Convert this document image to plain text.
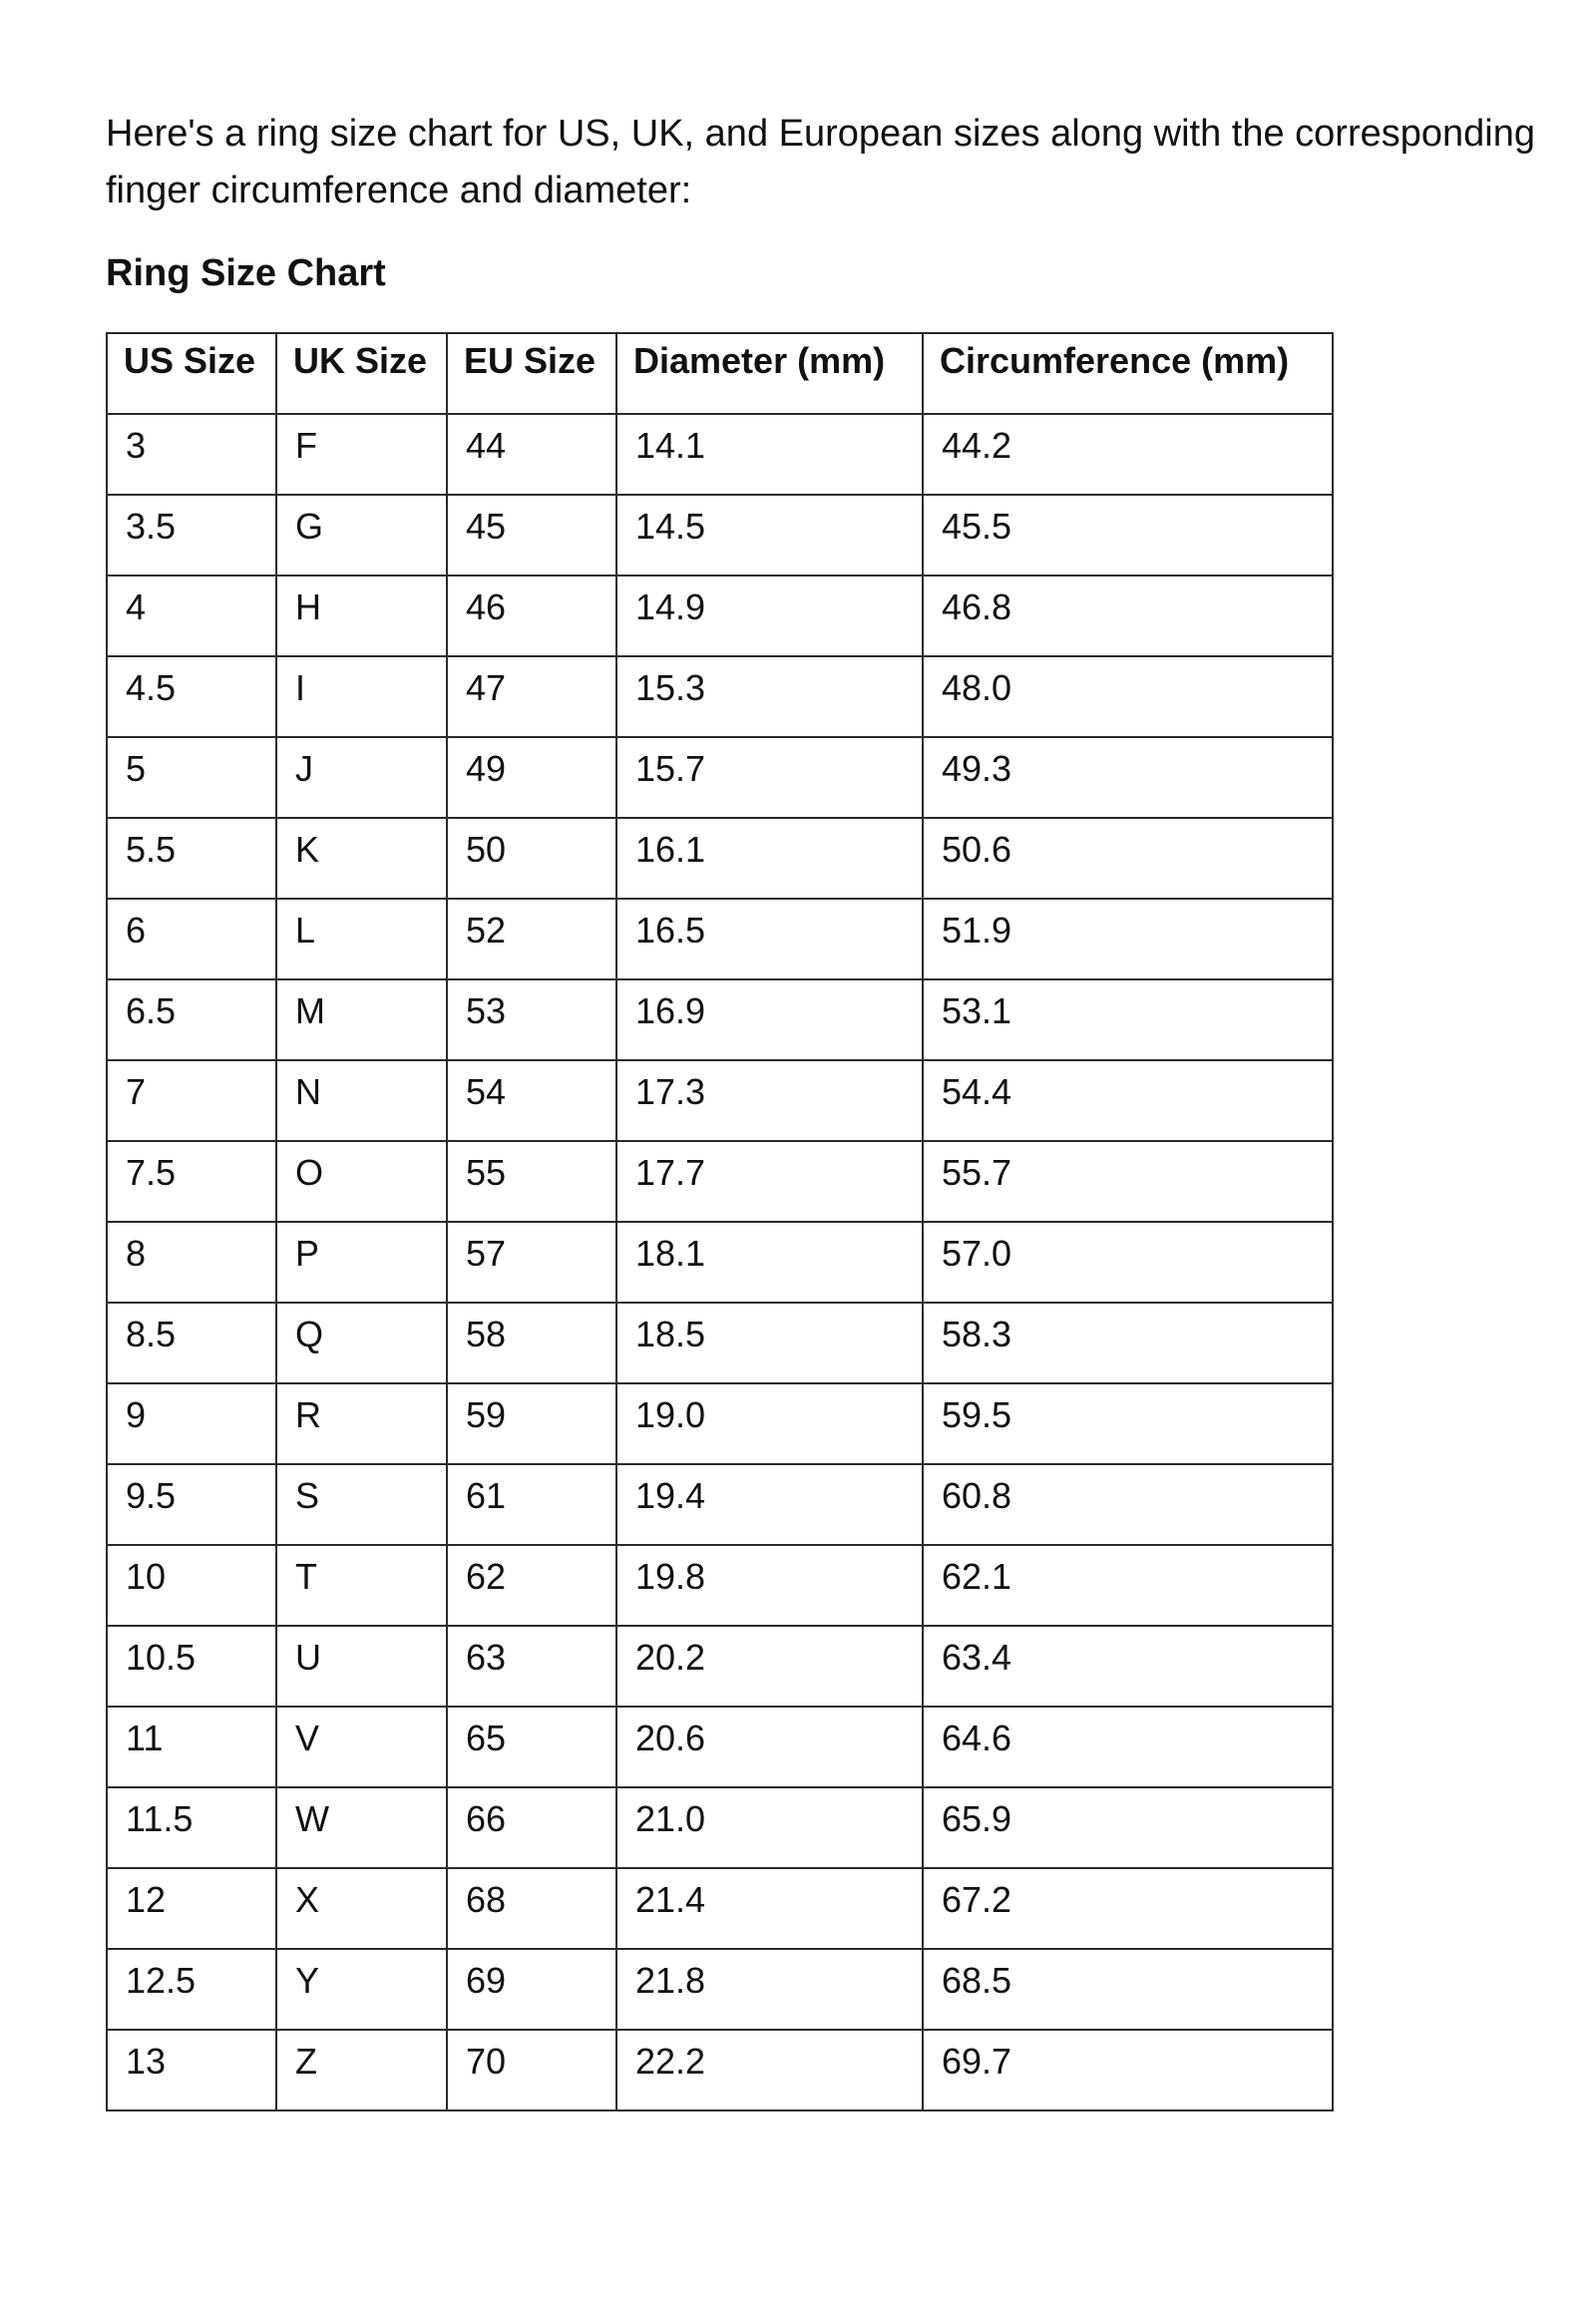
Here's a ring size chart for US, UK, and European sizes along with the corresponding finger circumference and diameter:

Ring Size Chart

US Size	UK Size	EU Size	Diameter (mm)	Circumference (mm)
3	F	44	14.1	44.2
3.5	G	45	14.5	45.5
4	H	46	14.9	46.8
4.5	I	47	15.3	48.0
5	J	49	15.7	49.3
5.5	K	50	16.1	50.6
6	L	52	16.5	51.9
6.5	M	53	16.9	53.1
7	N	54	17.3	54.4
7.5	O	55	17.7	55.7
8	P	57	18.1	57.0
8.5	Q	58	18.5	58.3
9	R	59	19.0	59.5
9.5	S	61	19.4	60.8
10	T	62	19.8	62.1
10.5	U	63	20.2	63.4
11	V	65	20.6	64.6
11.5	W	66	21.0	65.9
12	X	68	21.4	67.2
12.5	Y	69	21.8	68.5
13	Z	70	22.2	69.7
